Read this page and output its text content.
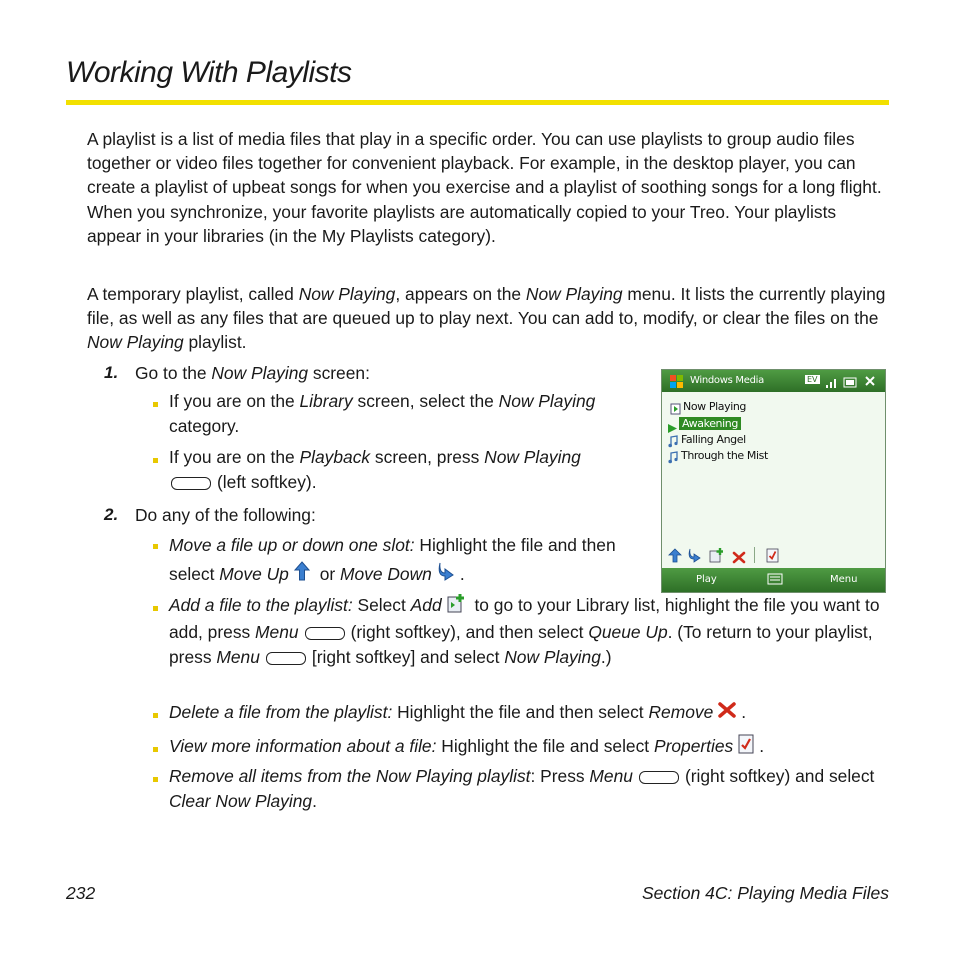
Working With Playlists

A playlist is a list of media files that play in a specific order. You can use playlists to group audio files together or video files together for convenient playback. For example, in the desktop player, you can create a playlist of upbeat songs for when you exercise and a playlist of soothing songs for a long flight. When you synchronize, your favorite playlists are automatically copied to your Treo. Your playlists appear in your libraries (in the My Playlists category).

A temporary playlist, called Now Playing, appears on the Now Playing menu. It lists the currently playing file, as well as any files that are queued up to play next. You can add to, modify, or clear the files on the Now Playing playlist.

1. Go to the Now Playing screen:

If you are on the Library screen, select the Now Playing
category.

If you are on the Playback screen, press Now Playing
(left softkey).

2. Do any of the following:

Move a file up or down one slot: Highlight the file and then select Move Up or Move Down .

Add a file to the playlist: Select Add to go to your Library list, highlight the file you want to add, press Menu	(right softkey), and then select Queue Up. (To return to your playlist, press Menu	[right softkey] and select Now Playing.)

Delete a file from the playlist: Highlight the file and then select Remove .

View more information about a file: Highlight the file and select Properties .

Remove all items from the Now Playing playlist: Press Menu	(right softkey) and select Clear Now Playing.

Windows Media	EV
Now Playing
Awakening
Falling Angel
Through the Mist
Play	Menu
232	Section 4C: Playing Media Files
